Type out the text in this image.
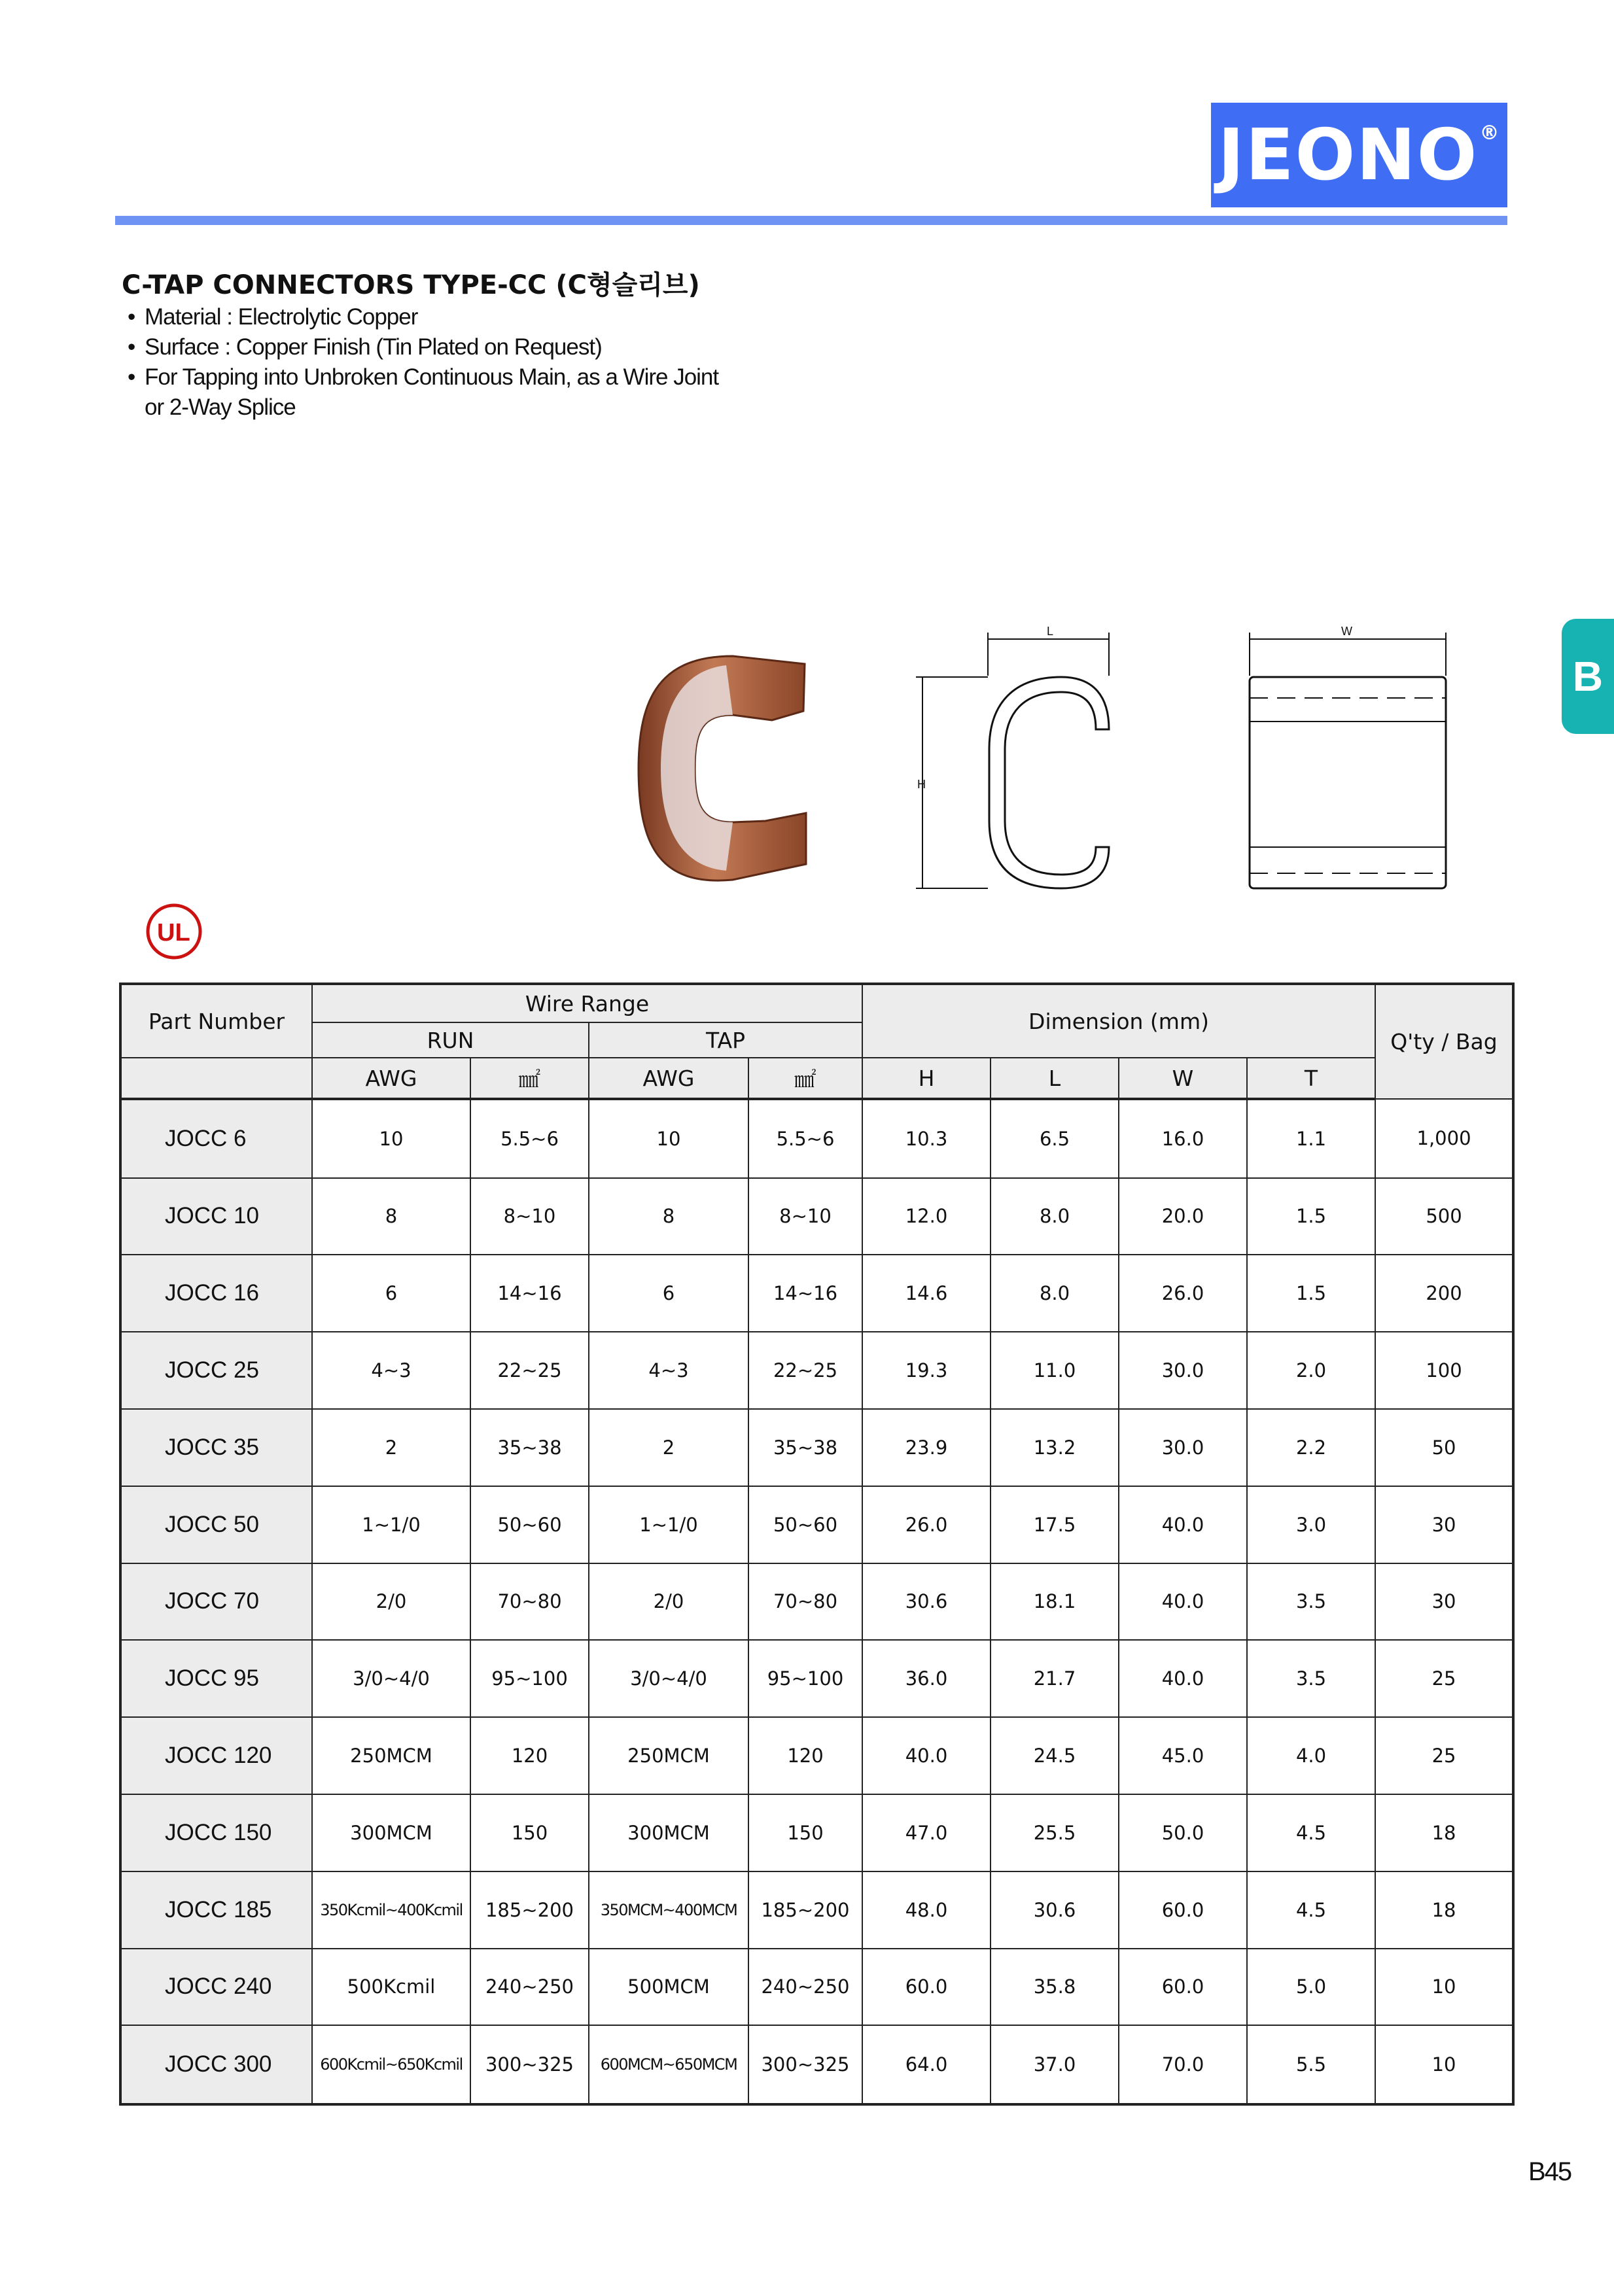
JEONO ®
C-TAP CONNECTORS TYPE-CC (C형슬리브)
• Material : Electrolytic Copper
• Surface : Copper Finish (Tin Plated on Request)
• For Tapping into Unbroken Continuous Main, as a Wire Joint
or 2-Way Splice
B
L
H
W
UL
Part Number	Wire Range				Dimension (mm)				Q'ty / Bag
	RUN		TAP						
	AWG	㎟	AWG	㎟	H	L	W	T	
JOCC 6	10	5.5~6	10	5.5~6	10.3	6.5	16.0	1.1	1,000
JOCC 10	8	8~10	8	8~10	12.0	8.0	20.0	1.5	500
JOCC 16	6	14~16	6	14~16	14.6	8.0	26.0	1.5	200
JOCC 25	4~3	22~25	4~3	22~25	19.3	11.0	30.0	2.0	100
JOCC 35	2	35~38	2	35~38	23.9	13.2	30.0	2.2	50
JOCC 50	1~1/0	50~60	1~1/0	50~60	26.0	17.5	40.0	3.0	30
JOCC 70	2/0	70~80	2/0	70~80	30.6	18.1	40.0	3.5	30
JOCC 95	3/0~4/0	95~100	3/0~4/0	95~100	36.0	21.7	40.0	3.5	25
JOCC 120	250MCM	120	250MCM	120	40.0	24.5	45.0	4.0	25
JOCC 150	300MCM	150	300MCM	150	47.0	25.5	50.0	4.5	18
JOCC 185	350Kcmil~400Kcmil	185~200	350MCM~400MCM	185~200	48.0	30.6	60.0	4.5	18
JOCC 240	500Kcmil	240~250	500MCM	240~250	60.0	35.8	60.0	5.0	10
JOCC 300	600Kcmil~650Kcmil	300~325	600MCM~650MCM	300~325	64.0	37.0	70.0	5.5	10
B45
